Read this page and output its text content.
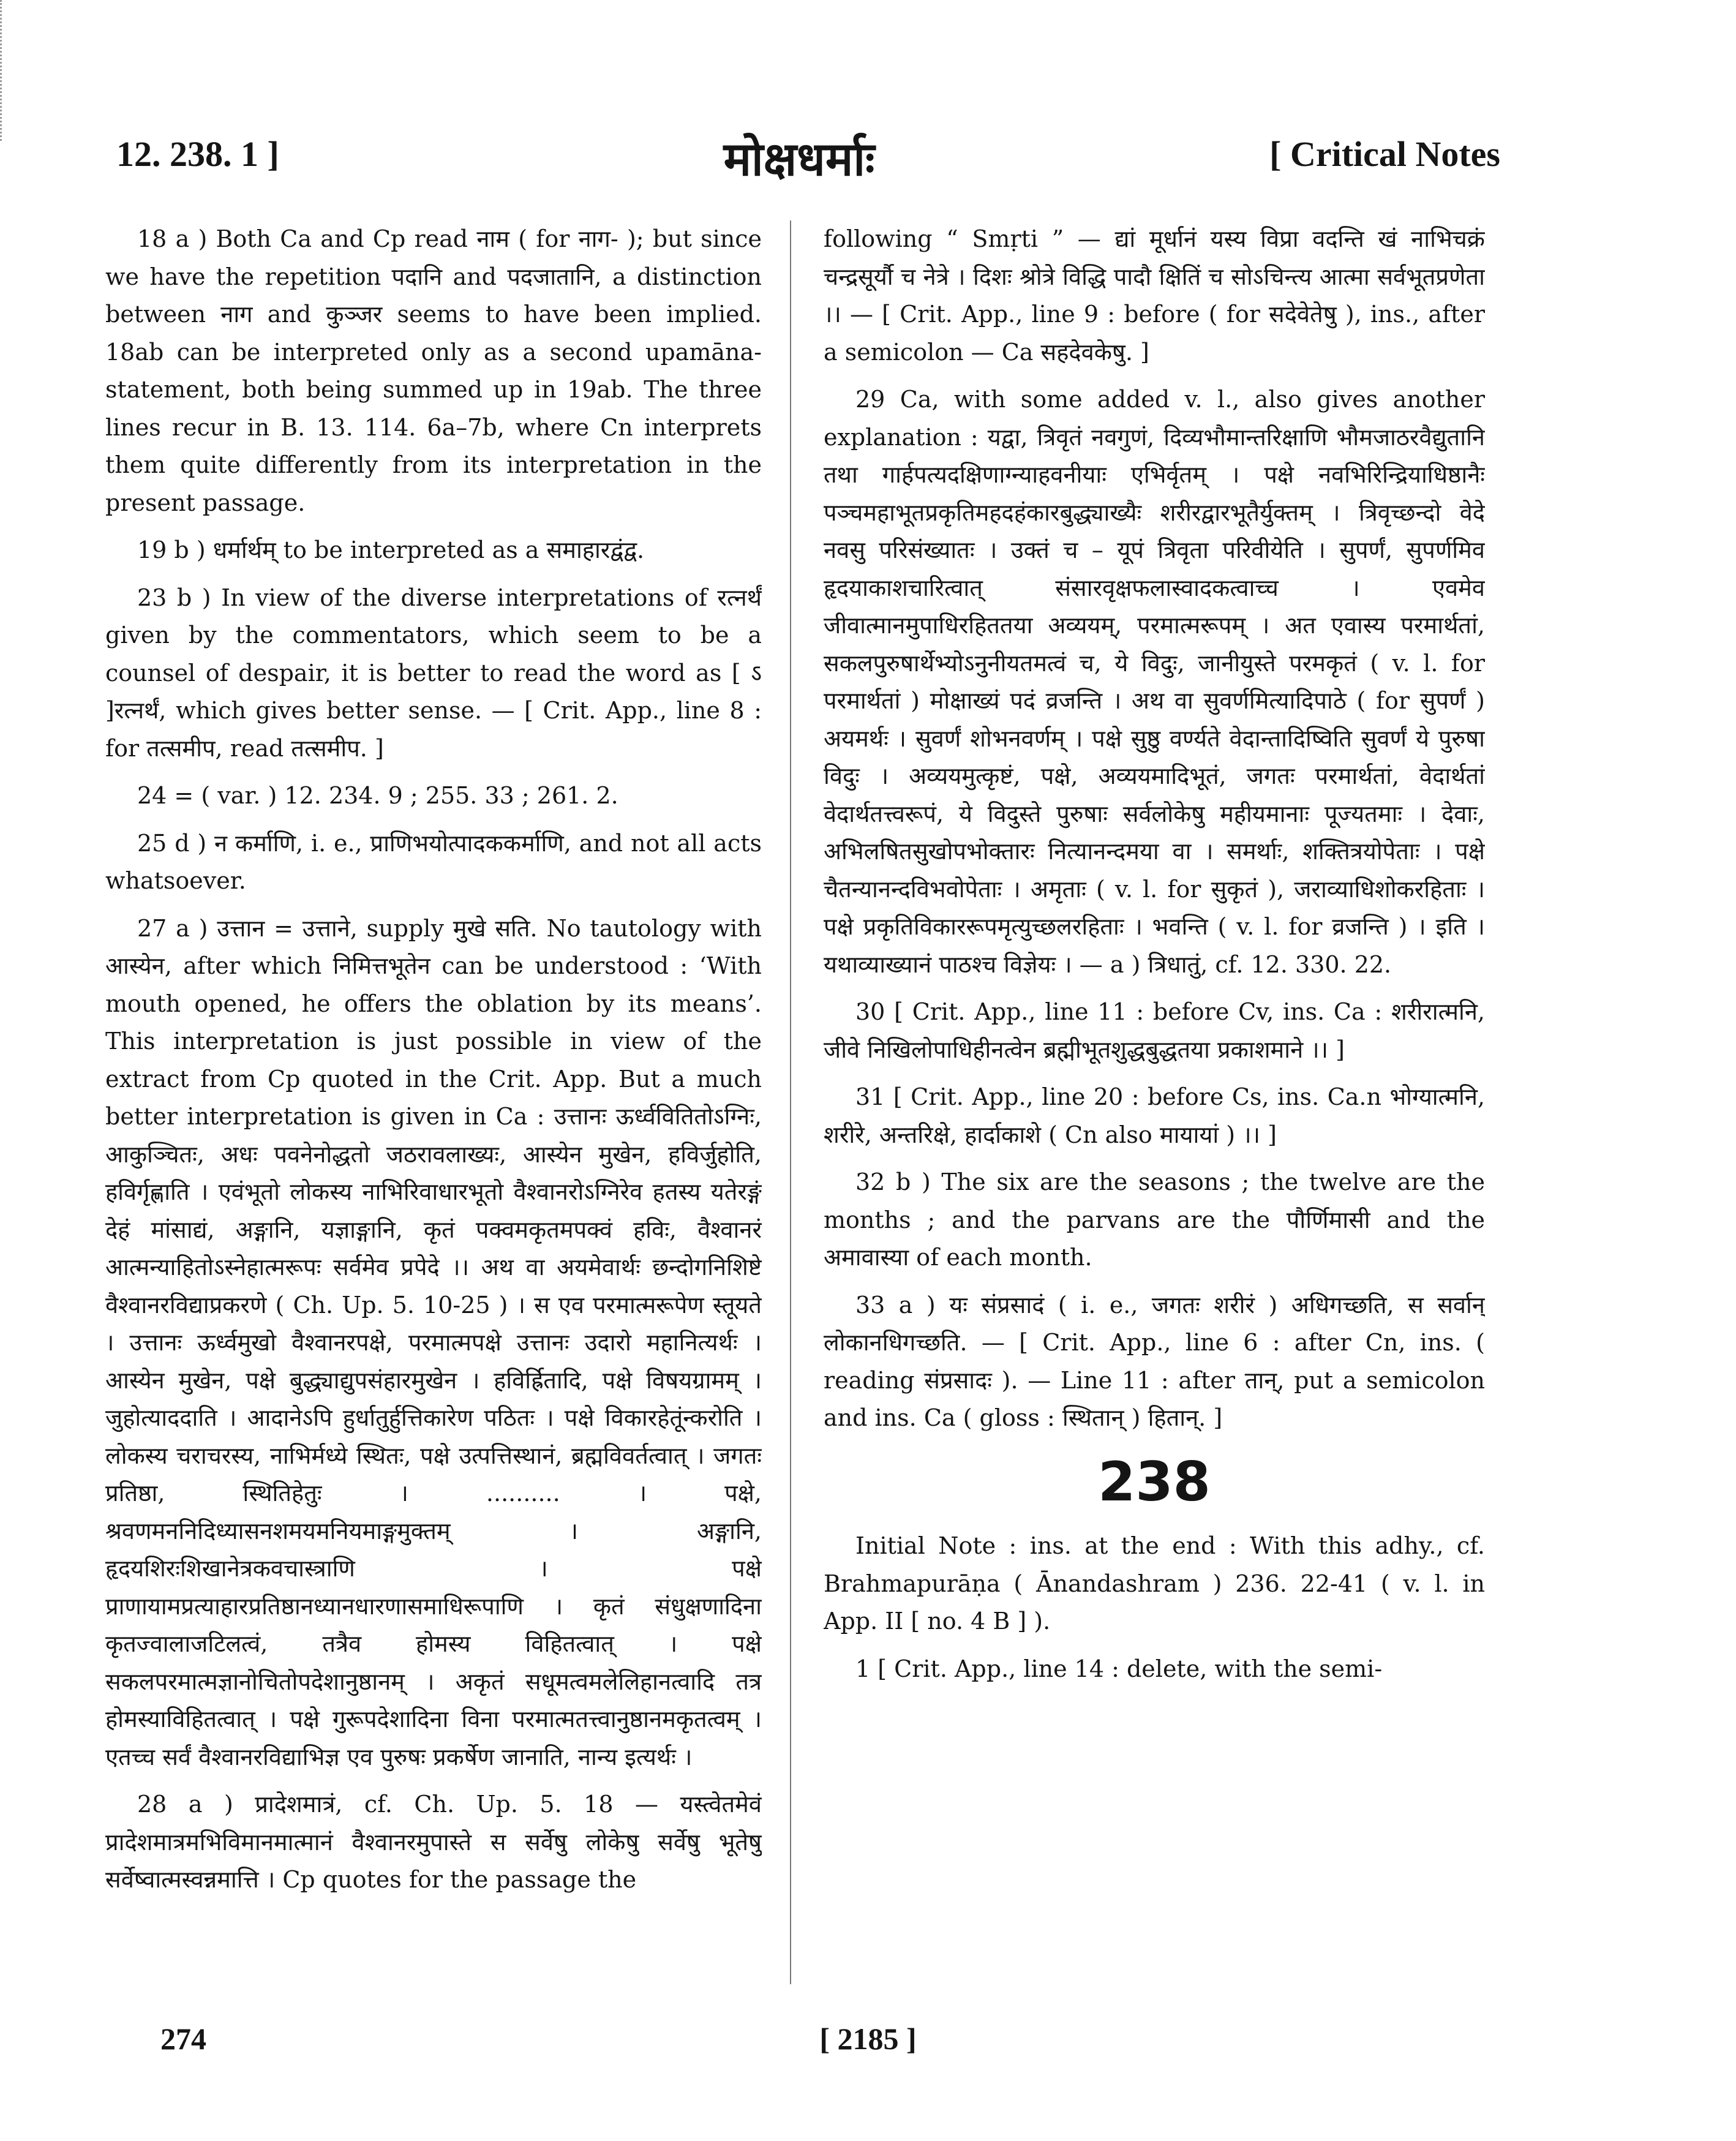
12. 238. 1 ]	मोक्षधर्माः	[ Critical Notes

18 a ) Both Ca and Cp read नाम ( for नाग- ); but since we have the repetition पदानि and पदजातानि, a distinction between नाग and कुञ्जर seems to have been implied. 18ab can be interpreted only as a second upamāna-statement, both being summed up in 19ab. The three lines recur in B. 13. 114. 6a–7b, where Cn interprets them quite differently from its interpretation in the present passage.

19 b ) धर्मार्थम् to be interpreted as a समाहारद्वंद्व.

23 b ) In view of the diverse interpretations of रत्नर्थं given by the commentators, which seem to be a counsel of despair, it is better to read the word as [ ऽ ]रत्नर्थं, which gives better sense. — [ Crit. App., line 8 : for तत्समीप, read तत्समीप. ]

24 = ( var. ) 12. 234. 9 ; 255. 33 ; 261. 2.

25 d ) न कर्माणि, i. e., प्राणिभयोत्पादककर्माणि, and not all acts whatsoever.

27 a ) उत्तान = उत्ताने, supply मुखे सति. No tautology with आस्येन, after which निमित्तभूतेन can be understood : ‘With mouth opened, he offers the oblation by its means’. This interpretation is just possible in view of the extract from Cp quoted in the Crit. App. But a much better interpretation is given in Ca : उत्तानः ऊर्ध्ववितितोऽग्निः, आकुञ्चितः, अधः पवनेनोद्धतो जठरावलाख्यः, आस्येन मुखेन, हविर्जुहोति, हविर्गृह्णाति । एवंभूतो लोकस्य नाभिरिवाधारभूतो वैश्वानरोऽग्निरेव हतस्य यतेरङ्गं देहं मांसाद्यं, अङ्गानि, यज्ञाङ्गानि, कृतं पक्वमकृतमपक्वं हविः, वैश्वानरं आत्मन्याहितोऽस्नेहात्मरूपः सर्वमेव प्रपेदे ।। अथ वा अयमेवार्थः छन्दोगनिशिष्टे वैश्वानरविद्याप्रकरणे ( Ch. Up. 5. 10-25 ) । स एव परमात्मरूपेण स्तूयते । उत्तानः ऊर्ध्वमुखो वैश्वानरपक्षे, परमात्मपक्षे उत्तानः उदारो महानित्यर्थः । आस्येन मुखेन, पक्षे बुद्ध्याद्युपसंहारमुखेन । हविर्ह्रितादि, पक्षे विषयग्रामम् । जुहोत्याददाति । आदानेऽपि हुर्धातुर्हुत्तिकारेण पठितः । पक्षे विकारहेतूंन्करोति । लोकस्य चराचरस्य, नाभिर्मध्ये स्थितः, पक्षे उत्पत्तिस्थानं, ब्रह्मविवर्तत्वात् । जगतः प्रतिष्ठा, स्थितिहेतुः । .......... । पक्षे, श्रवणमननिदिध्यासनशमयमनियमाङ्गमुक्तम् । अङ्गानि, हृदयशिरःशिखानेत्रकवचास्त्राणि । पक्षे प्राणायामप्रत्याहारप्रतिष्ठानध्यानधारणासमाधिरूपाणि । कृतं संधुक्षणादिना कृतज्वालाजटिलत्वं, तत्रैव होमस्य विहितत्वात् । पक्षे सकलपरमात्मज्ञानोचितोपदेशानुष्ठानम् । अकृतं सधूमत्वमलेलिहानत्वादि तत्र होमस्याविहितत्वात् । पक्षे गुरूपदेशादिना विना परमात्मतत्त्वानुष्ठानमकृतत्वम् । एतच्च सर्वं वैश्वानरविद्याभिज्ञ एव पुरुषः प्रकर्षेण जानाति, नान्य इत्यर्थः ।

28 a ) प्रादेशमात्रं, cf. Ch. Up. 5. 18 — यस्त्वेतमेवं प्रादेशमात्रमभिविमानमात्मानं वैश्वानरमुपास्ते स सर्वेषु लोकेषु सर्वेषु भूतेषु सर्वेष्वात्मस्वन्नमात्ति । Cp quotes for the passage the

following “ Smṛti ” — द्यां मूर्धानं यस्य विप्रा वदन्ति खं नाभिचक्रं चन्द्रसूर्यौ च नेत्रे । दिशः श्रोत्रे विद्धि पादौ क्षितिं च सोऽचिन्त्य आत्मा सर्वभूतप्रणेता ।। — [ Crit. App., line 9 : before ( for सदेवेतेषु ), ins., after a semicolon — Ca सहदेवकेषु. ]

29 Ca, with some added v. l., also gives another explanation : यद्वा, त्रिवृतं नवगुणं, दिव्यभौमान्तरिक्षाणि भौमजाठरवैद्युतानि तथा गार्हपत्यदक्षिणाग्न्याहवनीयाः एभिर्वृतम् । पक्षे नवभिरिन्द्रियाधिष्ठानैः पञ्चमहाभूतप्रकृतिमहदहंकारबुद्ध्याख्यैः शरीरद्वारभूतैर्युक्तम् । त्रिवृच्छन्दो वेदे नवसु परिसंख्यातः । उक्तं च – यूपं त्रिवृता परिवीयेति । सुपर्णं, सुपर्णमिव हृदयाकाशचारित्वात् संसारवृक्षफलास्वादकत्वाच्च । एवमेव जीवात्मानमुपाधिरहिततया अव्ययम्, परमात्मरूपम् । अत एवास्य परमार्थतां, सकलपुरुषार्थेभ्योऽनुनीयतमत्वं च, ये विदुः, जानीयुस्ते परमकृतं ( v. l. for परमार्थतां ) मोक्षाख्यं पदं व्रजन्ति । अथ वा सुवर्णमित्यादिपाठे ( for सुपर्णं ) अयमर्थः । सुवर्णं शोभनवर्णम् । पक्षे सुष्ठु वर्ण्यते वेदान्तादिष्विति सुवर्णं ये पुरुषा विदुः । अव्ययमुत्कृष्टं, पक्षे, अव्ययमादिभूतं, जगतः परमार्थतां, वेदार्थतां वेदार्थतत्त्वरूपं, ये विदुस्ते पुरुषाः सर्वलोकेषु महीयमानाः पूज्यतमाः । देवाः, अभिलषितसुखोपभोक्तारः नित्यानन्दमया वा । समर्थाः, शक्तित्रयोपेताः । पक्षे चैतन्यानन्दविभवोपेताः । अमृताः ( v. l. for सुकृतं ), जराव्याधिशोकरहिताः । पक्षे प्रकृतिविकाररूपमृत्युच्छलरहिताः । भवन्ति ( v. l. for व्रजन्ति ) । इति । यथाव्याख्यानं पाठश्च विज्ञेयः । — a ) त्रिधातुं, cf. 12. 330. 22.

30 [ Crit. App., line 11 : before Cv, ins. Ca : शरीरात्मनि, जीवे निखिलोपाधिहीनत्वेन ब्रह्मीभूतशुद्धबुद्धतया प्रकाशमाने ।। ]

31 [ Crit. App., line 20 : before Cs, ins. Ca.n भोग्यात्मनि, शरीरे, अन्तरिक्षे, हार्दाकाशे ( Cn also मायायां ) ।। ]

32 b ) The six are the seasons ; the twelve are the months ; and the parvans are the पौर्णिमासी and the अमावास्या of each month.

33 a ) यः संप्रसादं ( i. e., जगतः शरीरं ) अधिगच्छति, स सर्वान् लोकानधिगच्छति. — [ Crit. App., line 6 : after Cn, ins. ( reading संप्रसादः ). — Line 11 : after तान्, put a semicolon and ins. Ca ( gloss : स्थितान् ) हितान्. ]

238

Initial Note : ins. at the end : With this adhy., cf. Brahmapurāṇa ( Ānandashram ) 236. 22-41 ( v. l. in App. II [ no. 4 B ] ).

1 [ Crit. App., line 14 : delete, with the semi-

274	[ 2185 ]
